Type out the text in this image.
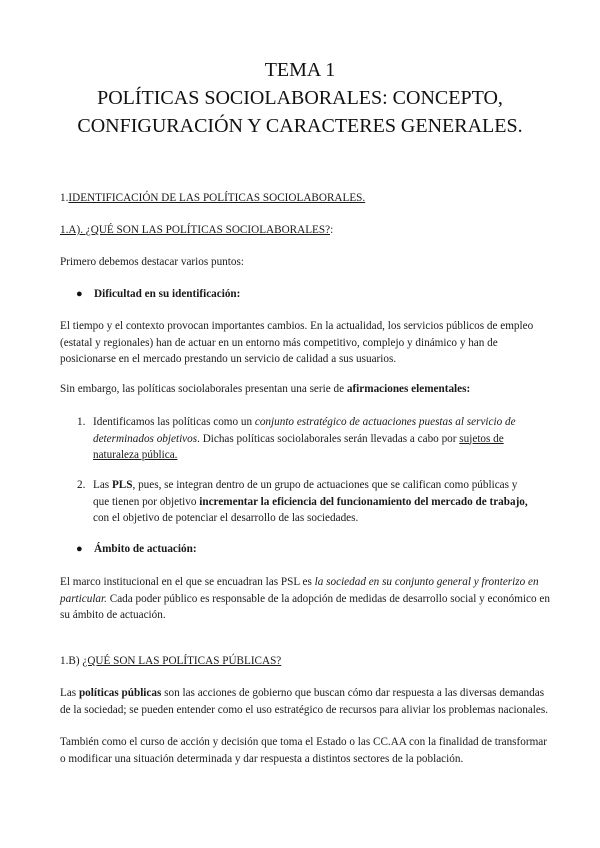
TEMA 1
POLÍTICAS SOCIOLABORALES: CONCEPTO,
CONFIGURACIÓN Y CARACTERES GENERALES.
1.IDENTIFICACIÓN DE LAS POLÍTICAS SOCIOLABORALES.
1.A). ¿QUÉ SON LAS POLÍTICAS SOCIOLABORALES?:
Primero debemos destacar varios puntos:
● Dificultad en su identificación:
El tiempo y el contexto provocan importantes cambios. En la actualidad, los servicios públicos de empleo (estatal y regionales) han de actuar en un entorno más competitivo, complejo y dinámico y han de posicionarse en el mercado prestando un servicio de calidad a sus usuarios.
Sin embargo, las políticas sociolaborales presentan una serie de afirmaciones elementales:
1. Identificamos las políticas como un conjunto estratégico de actuaciones puestas al servicio de determinados objetivos. Dichas políticas sociolaborales serán llevadas a cabo por sujetos de naturaleza pública.
2. Las PLS, pues, se integran dentro de un grupo de actuaciones que se califican como públicas y que tienen por objetivo incrementar la eficiencia del funcionamiento del mercado de trabajo, con el objetivo de potenciar el desarrollo de las sociedades.
● Ámbito de actuación:
El marco institucional en el que se encuadran las PSL es la sociedad en su conjunto general y fronterizo en particular. Cada poder público es responsable de la adopción de medidas de desarrollo social y económico en su ámbito de actuación.
1.B) ¿QUÉ SON LAS POLÍTICAS PÚBLICAS?
Las políticas públicas son las acciones de gobierno que buscan cómo dar respuesta a las diversas demandas de la sociedad; se pueden entender como el uso estratégico de recursos para aliviar los problemas nacionales.
También como el curso de acción y decisión que toma el Estado o las CC.AA con la finalidad de transformar o modificar una situación determinada y dar respuesta a distintos sectores de la población.
